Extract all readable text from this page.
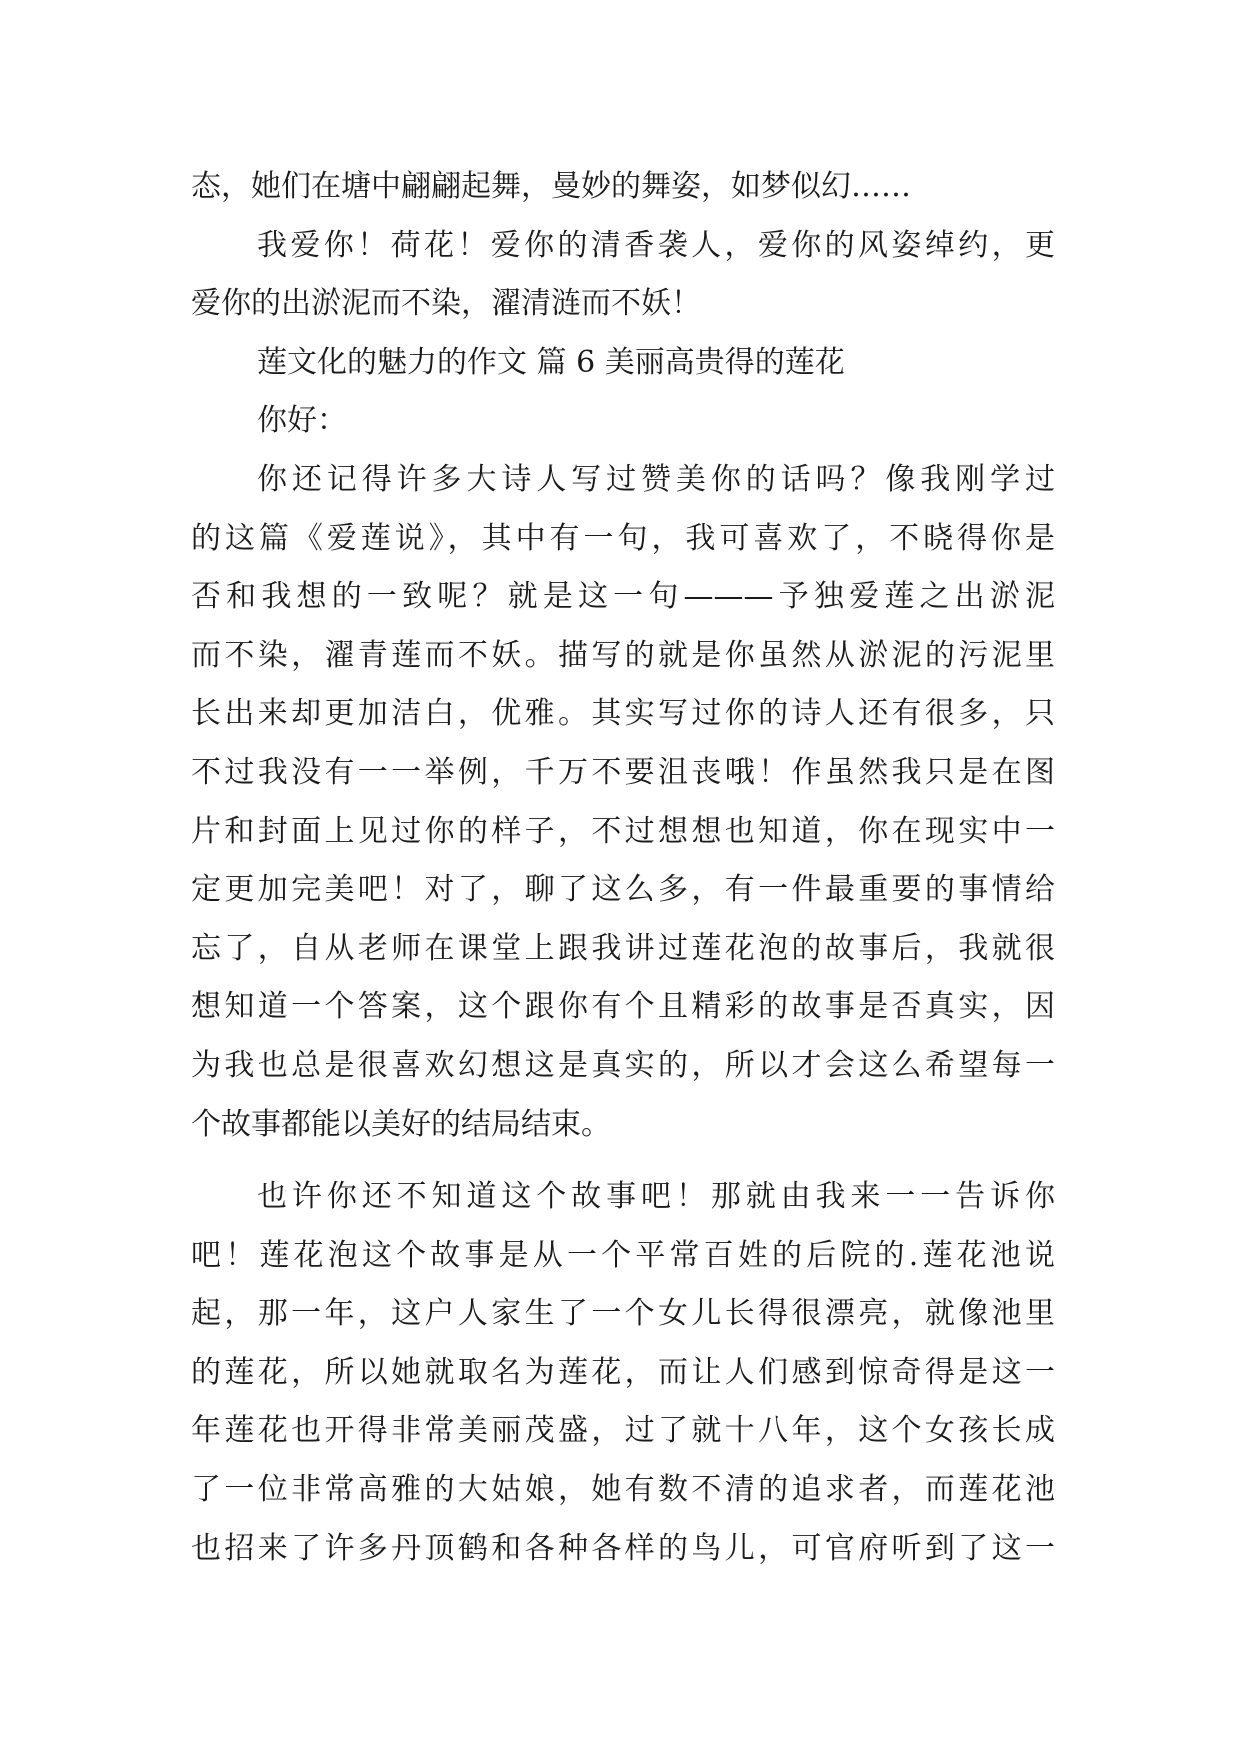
态，她们在塘中翩翩起舞，曼妙的舞姿，如梦似幻……
我爱你！荷花！爱你的清香袭人，爱你的风姿绰约，更
爱你的出淤泥而不染，濯清涟而不妖！
莲文化的魅力的作文 篇 6 美丽高贵得的莲花
你好：
你还记得许多大诗人写过赞美你的话吗？像我刚学过
的这篇《爱莲说》，其中有一句，我可喜欢了，不晓得你是
否和我想的一致呢？就是这一句———予独爱莲之出淤泥
而不染，濯青莲而不妖。描写的就是你虽然从淤泥的污泥里
长出来却更加洁白，优雅。其实写过你的诗人还有很多，只
不过我没有一一举例，千万不要沮丧哦！作虽然我只是在图
片和封面上见过你的样子，不过想想也知道，你在现实中一
定更加完美吧！对了，聊了这么多，有一件最重要的事情给
忘了，自从老师在课堂上跟我讲过莲花泡的故事后，我就很
想知道一个答案，这个跟你有个且精彩的故事是否真实，因
为我也总是很喜欢幻想这是真实的，所以才会这么希望每一
个故事都能以美好的结局结束。
也许你还不知道这个故事吧！那就由我来一一告诉你
吧！莲花泡这个故事是从一个平常百姓的后院的.莲花池说
起，那一年，这户人家生了一个女儿长得很漂亮，就像池里
的莲花，所以她就取名为莲花，而让人们感到惊奇得是这一
年莲花也开得非常美丽茂盛，过了就十八年，这个女孩长成
了一位非常高雅的大姑娘，她有数不清的追求者，而莲花池
也招来了许多丹顶鹤和各种各样的鸟儿，可官府听到了这一
